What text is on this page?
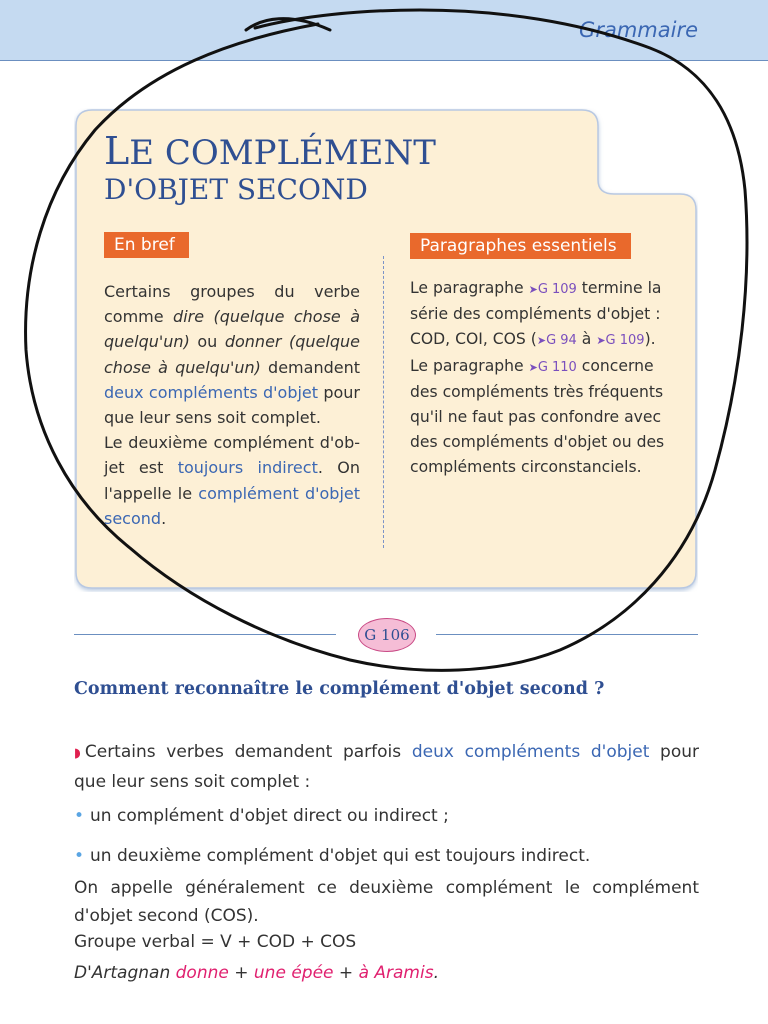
Grammaire
LE COMPLÉMENT
D'OBJET SECOND
En bref	Paragraphes essentiels
Certains groupes du verbe comme dire (quelque chose à quelqu'un) ou donner (quelque chose à quelqu'un) demandent deux compléments d'objet pour que leur sens soit complet.
Le deuxième complément d'ob-jet est toujours indirect. On l'appelle le complément d'objet second.
Le paragraphe ➤G 109 termine la série des compléments d'objet : COD, COI, COS (➤G 94 à ➤G 109).
Le paragraphe ➤G 110 concerne des compléments très fréquents qu'il ne faut pas confondre avec des compléments d'objet ou des compléments circonstanciels.
G 106
Comment reconnaître le complément d'objet second ?
◗ Certains verbes demandent parfois deux compléments d'objet pour que leur sens soit complet :
• un complément d'objet direct ou indirect ;
• un deuxième complément d'objet qui est toujours indirect.
On appelle généralement ce deuxième complément le complément d'objet second (COS).
Groupe verbal = V + COD + COS
D'Artagnan donne + une épée + à Aramis.
